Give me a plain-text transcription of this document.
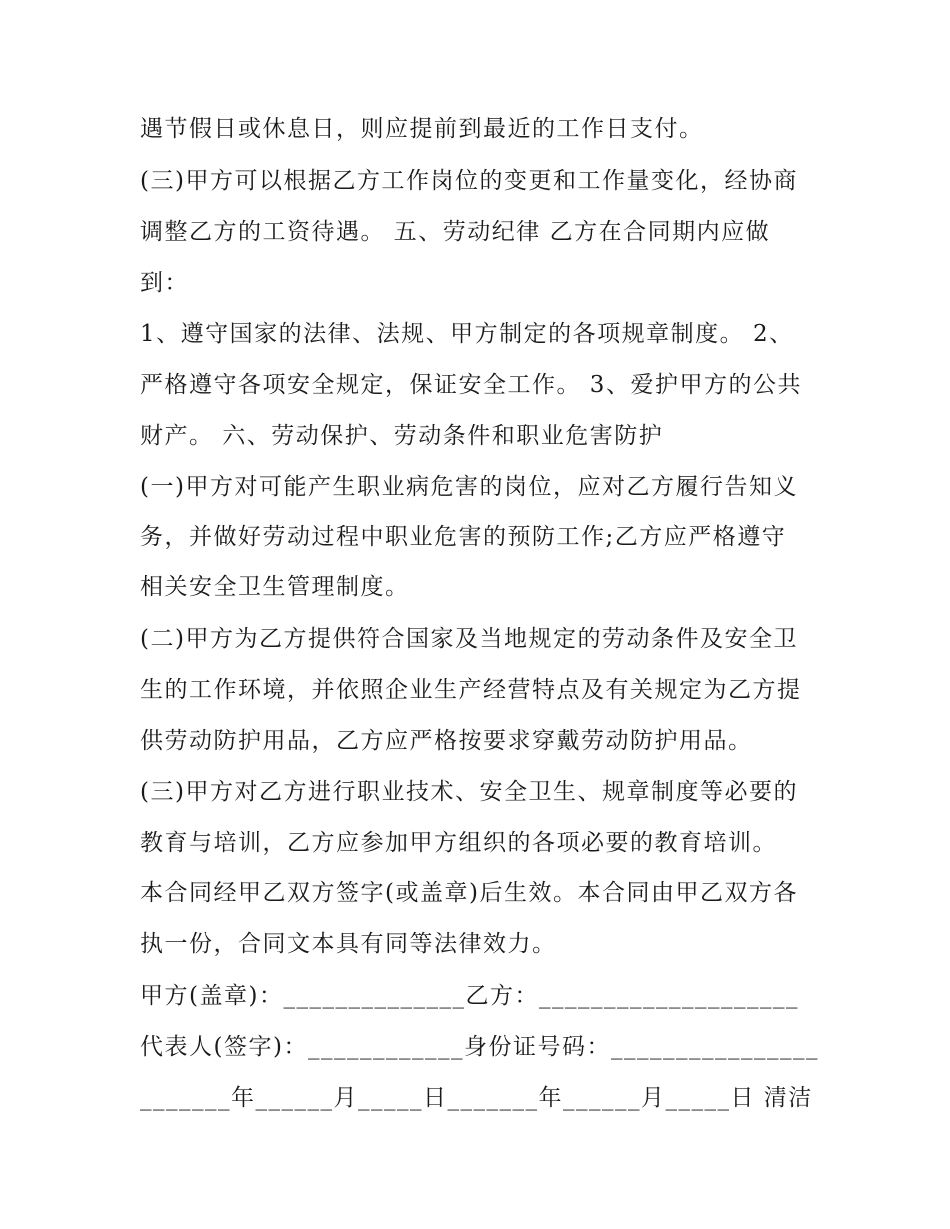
遇节假日或休息日，则应提前到最近的工作日支付。
(三)甲方可以根据乙方工作岗位的变更和工作量变化，经协商
调整乙方的工资待遇。 五、劳动纪律 乙方在合同期内应做
到：
1、遵守国家的法律、法规、甲方制定的各项规章制度。 2、
严格遵守各项安全规定，保证安全工作。 3、爱护甲方的公共
财产。 六、劳动保护、劳动条件和职业危害防护
(一)甲方对可能产生职业病危害的岗位，应对乙方履行告知义
务，并做好劳动过程中职业危害的预防工作;乙方应严格遵守
相关安全卫生管理制度。
(二)甲方为乙方提供符合国家及当地规定的劳动条件及安全卫
生的工作环境，并依照企业生产经营特点及有关规定为乙方提
供劳动防护用品，乙方应严格按要求穿戴劳动防护用品。
(三)甲方对乙方进行职业技术、安全卫生、规章制度等必要的
教育与培训，乙方应参加甲方组织的各项必要的教育培训。
本合同经甲乙双方签字(或盖章)后生效。本合同由甲乙双方各
执一份，合同文本具有同等法律效力。
甲方(盖章)：______________乙方：____________________
代表人(签字)：____________身份证号码：________________
_______年______月_____日_______年______月_____日 清洁
